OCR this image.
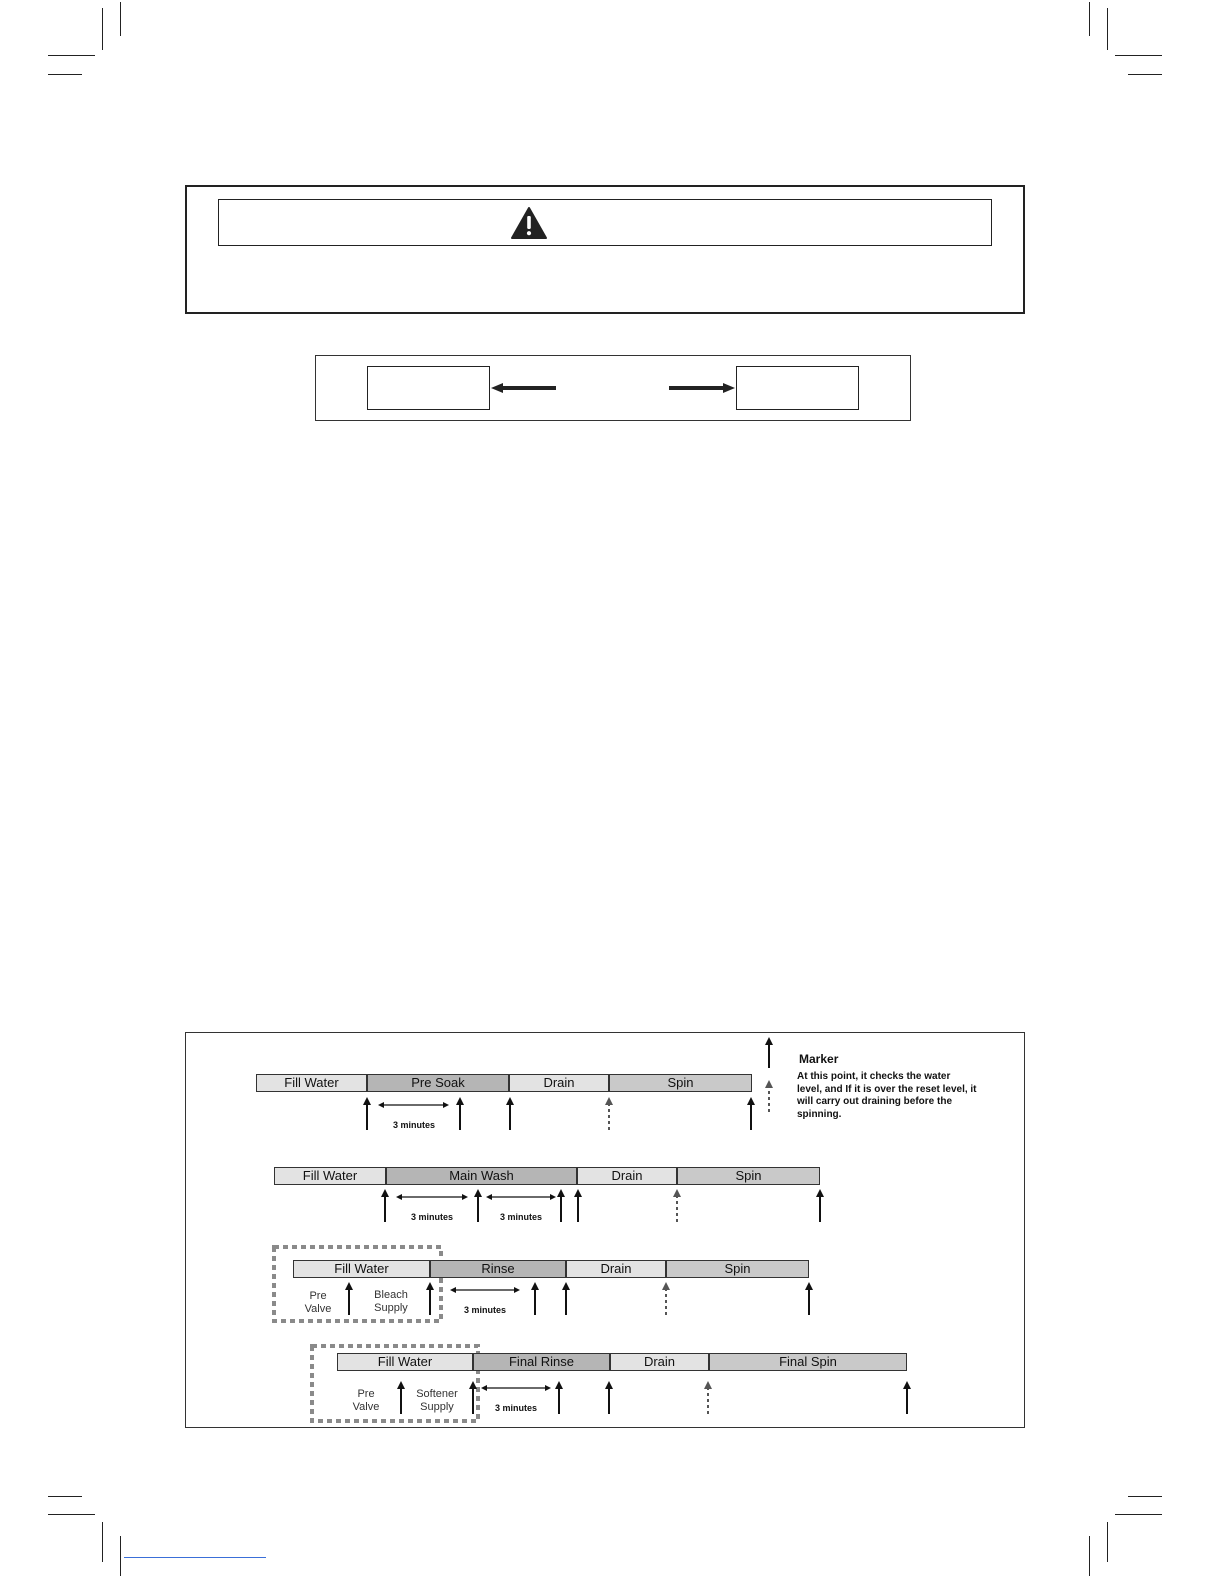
Marker
At this point, it checks the water level, and If it is over the reset level, it will carry out draining before the spinning.
Fill Water	Pre Soak	Drain	Spin
3 minutes
Fill Water	Main Wash	Drain	Spin
3 minutes	3 minutes
Fill Water	Rinse	Drain	Spin
Pre
Valve
Bleach
Supply	3 minutes
Fill Water	Final Rinse	Drain	Final Spin
Pre
Valve
Softener
Supply	3 minutes
